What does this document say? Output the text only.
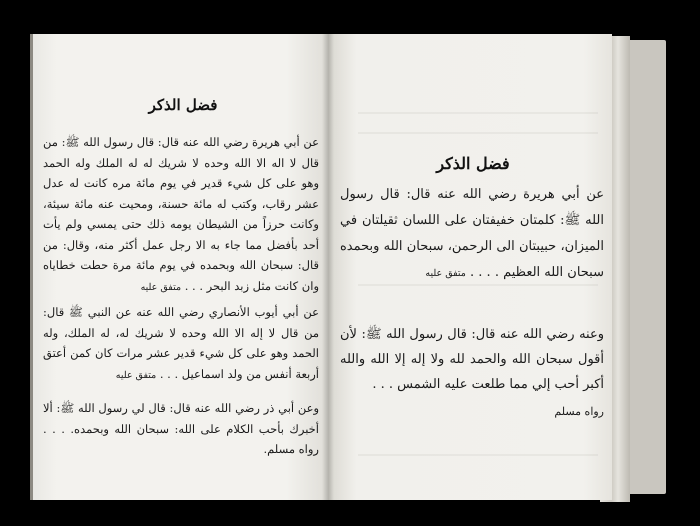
فضل الذكر
عن أبي هريرة رضي الله عنه قال: قال رسول الله ﷺ: من قال لا اله الا الله وحده لا شريك له له الملك وله الحمد وهو على كل شيء قدير في يوم مائة مره كانت له عدل عشر رقاب، وكتب له مائة حسنة، ومحيت عنه مائة سيئة، وكانت حرزاً من الشيطان يومه ذلك حتى يمسي ولم يأت أحد بأفضل مما جاء به الا رجل عمل أكثر منه، وقال: من قال: سبحان الله وبحمده في يوم مائة مرة حطت خطاياه وان كانت مثل زبد البحر . . . متفق عليه
عن أبي أيوب الأنصاري رضي الله عنه عن النبي ﷺ قال: من قال لا إله الا الله وحده لا شريك له، له الملك، وله الحمد وهو على كل شيء قدير عشر مرات كان كمن أعتق أربعة أنفس من ولد اسماعيل . . . متفق عليه
وعن أبي ذر رضي الله عنه قال: قال لي رسول الله ﷺ: ألا أخبرك بأحب الكلام على الله: سبحان الله وبحمده. . . . رواه مسلم.
فضل الذكر
عن أبي هريرة رضي الله عنه قال: قال رسول الله ﷺ: كلمتان خفيفتان على اللسان ثقيلتان في الميزان، حبيبتان الى الرحمن، سبحان الله وبحمده سبحان الله العظيم . . . . متفق عليه
وعنه رضي الله عنه قال: قال رسول الله ﷺ: لأن أقول سبحان الله والحمد لله ولا إله إلا الله والله أكبر أحب إلي مما طلعت عليه الشمس . . .
رواه مسلم
